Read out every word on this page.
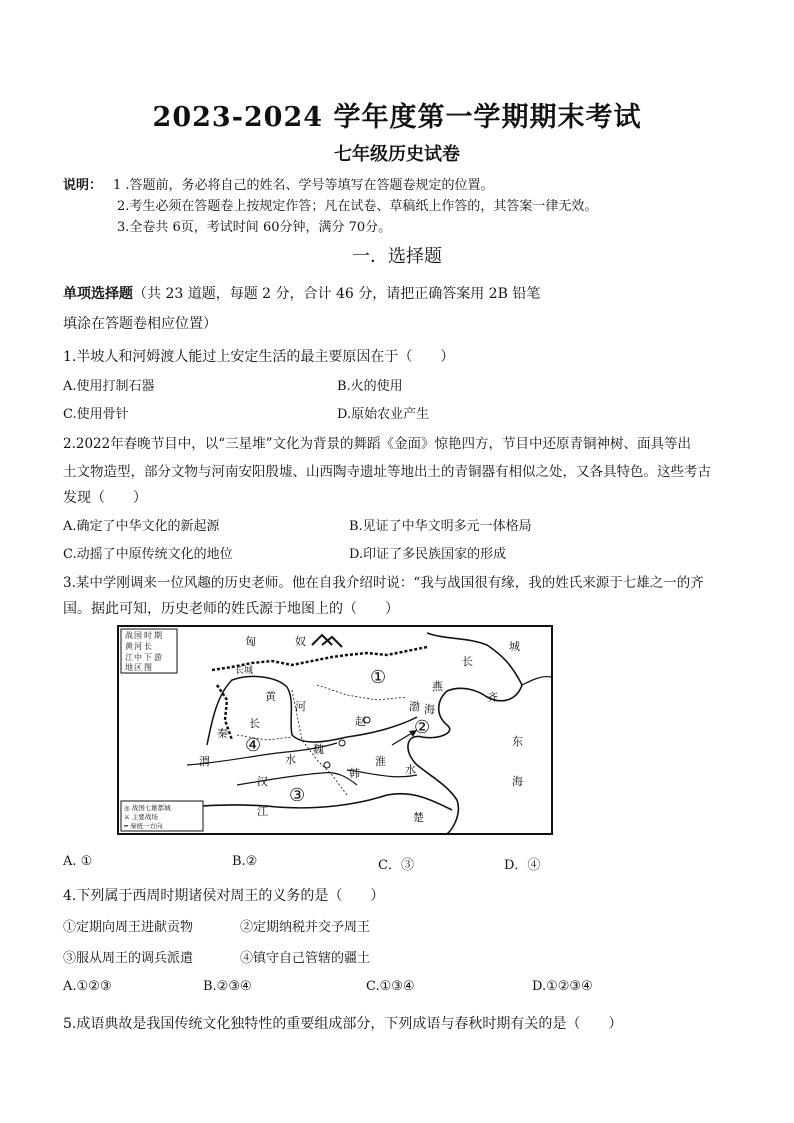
2023-2024 学年度第一学期期末考试
七年级历史试卷
说明： 1 .答题前，务必将自己的姓名、学号等填写在答题卷规定的位置。
2.考生必须在答题卷上按规定作答；凡在试卷、草稿纸上作答的，其答案一律无效。
3.全卷共 6页，考试时间 60分钟，满分 70分。
一．选择题
单项选择题（共 23 道题，每题 2 分，合计 46 分，请把正确答案用 2B 铅笔
填涂在答题卷相应位置）
1.半坡人和河姆渡人能过上安定生活的最主要原因在于（　　）
A.使用打制石器	B.火的使用
C.使用骨针	D.原始农业产生
2.2022年春晚节目中，以“三星堆”文化为背景的舞蹈《金面》惊艳四方，节目中还原青铜神树、面具等出
土文物造型，部分文物与河南安阳殷墟、山西陶寺遗址等地出土的青铜器有相似之处，又各具特色。这些考古
发现（　　）
A.确定了中华文化的新起源	B.见证了中华文明多元一体格局
C.动摇了中原传统文化的地位	D.印证了多民族国家的形成
3.某中学刚调来一位风趣的历史老师。他在自我介绍时说：“我与战国很有缘，我的姓氏来源于七雄之一的齐
国。据此可知，历史老师的姓氏源于地图上的（　　）
战 国 时 期
黄 河 长
江 中 下 游
地 区 图
匈	奴
长城
长
城
燕
渤 海
黄
河
长	赵
秦
渭	水
魏
韩
汉
淮
水
东
海
江	楚
齐
①
②
③
④
◎ 战国七雄都城
⚔ 主要战场
━ 秦统一方向
A. ①	B.②	C．③	D．④
4.下列属于西周时期诸侯对周王的义务的是（　　）
①定期向周王进献贡物	②定期纳税并交予周王
③服从周王的调兵派遣	④镇守自己管辖的疆土
A.①②③	B.②③④	C.①③④	D.①②③④
5.成语典故是我国传统文化独特性的重要组成部分，下列成语与春秋时期有关的是（　　）
